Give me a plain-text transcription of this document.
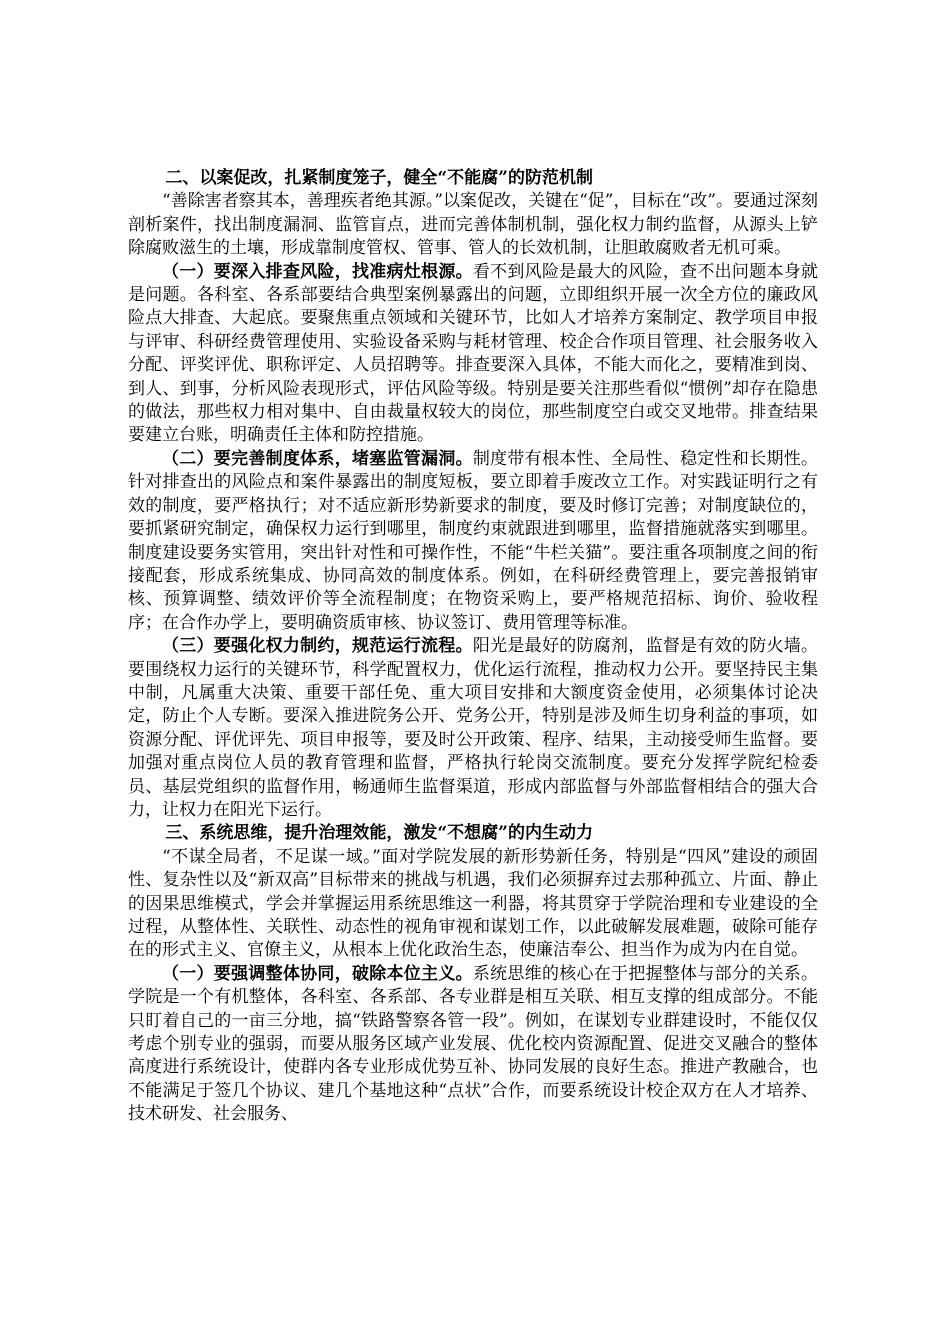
二、以案促改，扎紧制度笼子，健全“不能腐”的防范机制

“善除害者察其本，善理疾者绝其源。”以案促改，关键在“促”，目标在“改”。要通过深刻剖析案件，找出制度漏洞、监管盲点，进而完善体制机制，强化权力制约监督，从源头上铲除腐败滋生的土壤，形成靠制度管权、管事、管人的长效机制，让胆敢腐败者无机可乘。

（一）要深入排查风险，找准病灶根源。看不到风险是最大的风险，查不出问题本身就是问题。各科室、各系部要结合典型案例暴露出的问题，立即组织开展一次全方位的廉政风险点大排查、大起底。要聚焦重点领域和关键环节，比如人才培养方案制定、教学项目申报与评审、科研经费管理使用、实验设备采购与耗材管理、校企合作项目管理、社会服务收入分配、评奖评优、职称评定、人员招聘等。排查要深入具体，不能大而化之，要精准到岗、到人、到事，分析风险表现形式，评估风险等级。特别是要关注那些看似“惯例”却存在隐患的做法，那些权力相对集中、自由裁量权较大的岗位，那些制度空白或交叉地带。排查结果要建立台账，明确责任主体和防控措施。

（二）要完善制度体系，堵塞监管漏洞。制度带有根本性、全局性、稳定性和长期性。针对排查出的风险点和案件暴露出的制度短板，要立即着手废改立工作。对实践证明行之有效的制度，要严格执行；对不适应新形势新要求的制度，要及时修订完善；对制度缺位的，要抓紧研究制定，确保权力运行到哪里，制度约束就跟进到哪里，监督措施就落实到哪里。制度建设要务实管用，突出针对性和可操作性，不能“牛栏关猫”。要注重各项制度之间的衔接配套，形成系统集成、协同高效的制度体系。例如，在科研经费管理上，要完善报销审核、预算调整、绩效评价等全流程制度；在物资采购上，要严格规范招标、询价、验收程序；在合作办学上，要明确资质审核、协议签订、费用管理等标准。

（三）要强化权力制约，规范运行流程。阳光是最好的防腐剂，监督是有效的防火墙。要围绕权力运行的关键环节，科学配置权力，优化运行流程，推动权力公开。要坚持民主集中制，凡属重大决策、重要干部任免、重大项目安排和大额度资金使用，必须集体讨论决定，防止个人专断。要深入推进院务公开、党务公开，特别是涉及师生切身利益的事项，如资源分配、评优评先、项目申报等，要及时公开政策、程序、结果，主动接受师生监督。要加强对重点岗位人员的教育管理和监督，严格执行轮岗交流制度。要充分发挥学院纪检委员、基层党组织的监督作用，畅通师生监督渠道，形成内部监督与外部监督相结合的强大合力，让权力在阳光下运行。

三、系统思维，提升治理效能，激发“不想腐”的内生动力

“不谋全局者，不足谋一域。”面对学院发展的新形势新任务，特别是“四风”建设的顽固性、复杂性以及“新双高”目标带来的挑战与机遇，我们必须摒弃过去那种孤立、片面、静止的因果思维模式，学会并掌握运用系统思维这一利器，将其贯穿于学院治理和专业建设的全过程，从整体性、关联性、动态性的视角审视和谋划工作，以此破解发展难题，破除可能存在的形式主义、官僚主义，从根本上优化政治生态，使廉洁奉公、担当作为成为内在自觉。

（一）要强调整体协同，破除本位主义。系统思维的核心在于把握整体与部分的关系。学院是一个有机整体，各科室、各系部、各专业群是相互关联、相互支撑的组成部分。不能只盯着自己的一亩三分地，搞“铁路警察各管一段”。例如，在谋划专业群建设时，不能仅仅考虑个别专业的强弱，而要从服务区域产业发展、优化校内资源配置、促进交叉融合的整体高度进行系统设计，使群内各专业形成优势互补、协同发展的良好生态。推进产教融合，也不能满足于签几个协议、建几个基地这种“点状”合作，而要系统设计校企双方在人才培养、技术研发、社会服务、
